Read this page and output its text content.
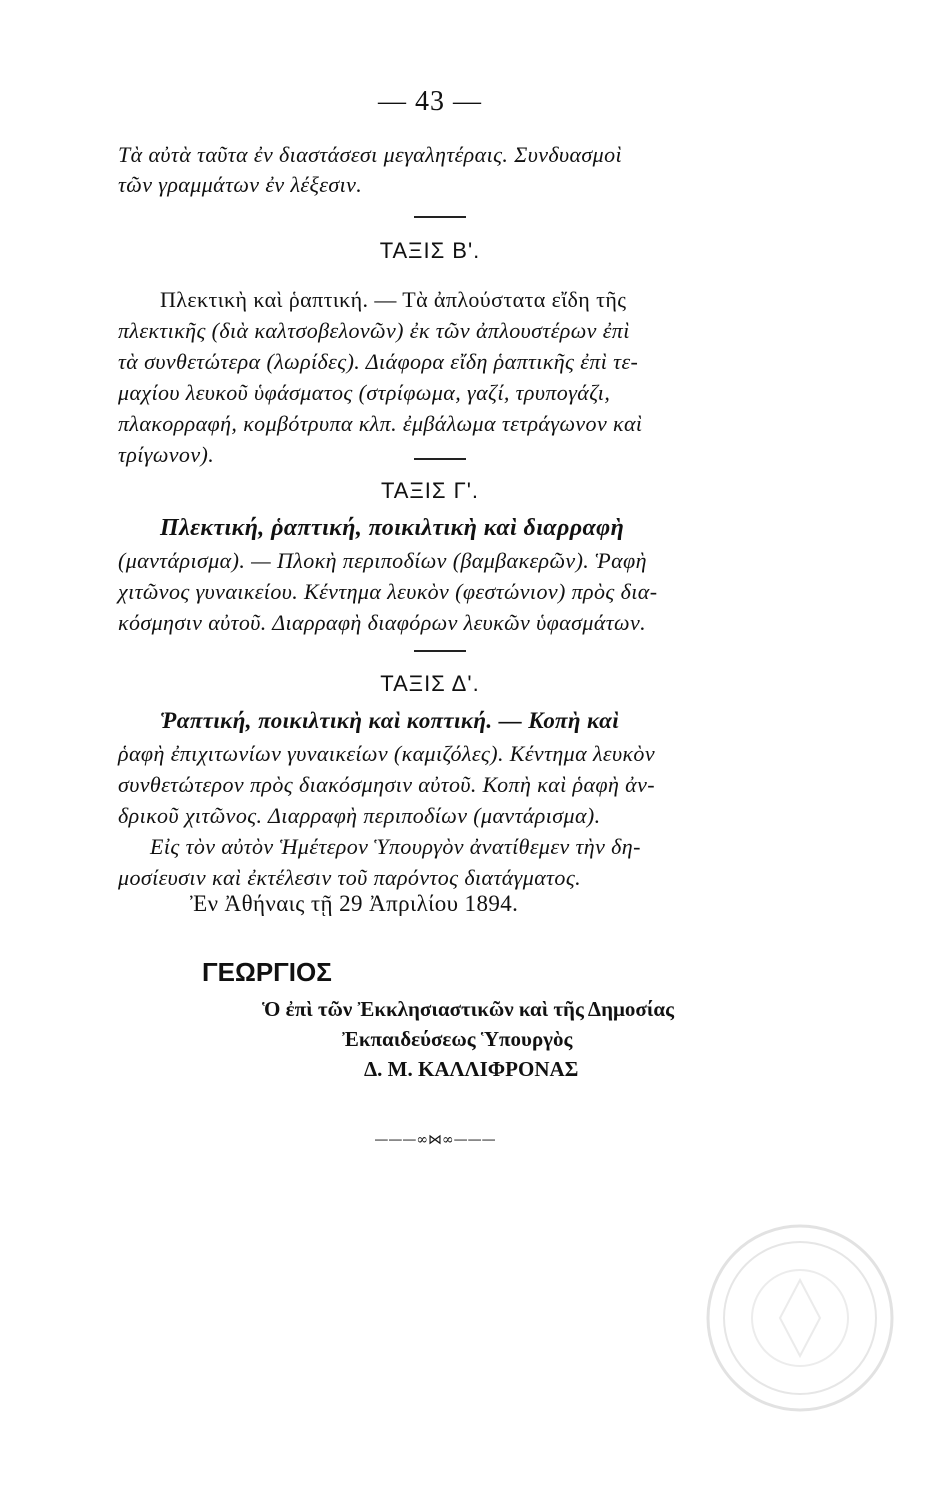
— 43 —
Τὰ αὐτὰ ταῦτα ἐν διαστάσεσι μεγαλητέραις. Συνδυασμοὶ
τῶν γραμμάτων ἐν λέξεσιν.
ΤΑΞΙΣ Β'.
Πλεκτικὴ καὶ ῥαπτική. — Τὰ ἀπλούστατα εἴδη τῆς
πλεκτικῆς (διὰ καλτσοβελονῶν) ἐκ τῶν ἀπλουστέρων ἐπὶ
τὰ συνθετώτερα (λωρίδες). Διάφορα εἴδη ῥαπτικῆς ἐπὶ τε-
μαχίου λευκοῦ ὑφάσματος (στρίφωμα, γαζί, τρυπογάζι,
πλακορραφή, κομβότρυπα κλπ. ἐμβάλωμα τετράγωνον καὶ
τρίγωνον).
ΤΑΞΙΣ Γ'.
Πλεκτική, ῥαπτική, ποικιλτικὴ καὶ διαρραφὴ
(μαντάρισμα). — Πλοκὴ περιποδίων (βαμβακερῶν). Ῥαφὴ
χιτῶνος γυναικείου. Κέντημα λευκὸν (φεστώνιον) πρὸς δια-
κόσμησιν αὐτοῦ. Διαρραφὴ διαφόρων λευκῶν ὑφασμάτων.
ΤΑΞΙΣ Δ'.
Ῥαπτική, ποικιλτικὴ καὶ κοπτική. — Κοπὴ καὶ
ῥαφὴ ἐπιχιτωνίων γυναικείων (καμιζόλες). Κέντημα λευκὸν
συνθετώτερον πρὸς διακόσμησιν αὐτοῦ. Κοπὴ καὶ ῥαφὴ ἀν-
δρικοῦ χιτῶνος. Διαρραφὴ περιποδίων (μαντάρισμα).
Εἰς τὸν αὐτὸν Ἡμέτερον Ὑπουργὸν ἀνατίθεμεν τὴν δη-
μοσίευσιν καὶ ἐκτέλεσιν τοῦ παρόντος διατάγματος.
Ἐν Ἀθήναις τῇ 29 Ἀπριλίου 1894.
ΓΕΩΡΓΙΟΣ
Ὁ ἐπὶ τῶν Ἐκκλησιαστικῶν καὶ τῆς Δημοσίας
Ἐκπαιδεύσεως Ὑπουργὸς
Δ. Μ. ΚΑΛΛΙΦΡΟΝΑΣ
———∞⋈∞———
